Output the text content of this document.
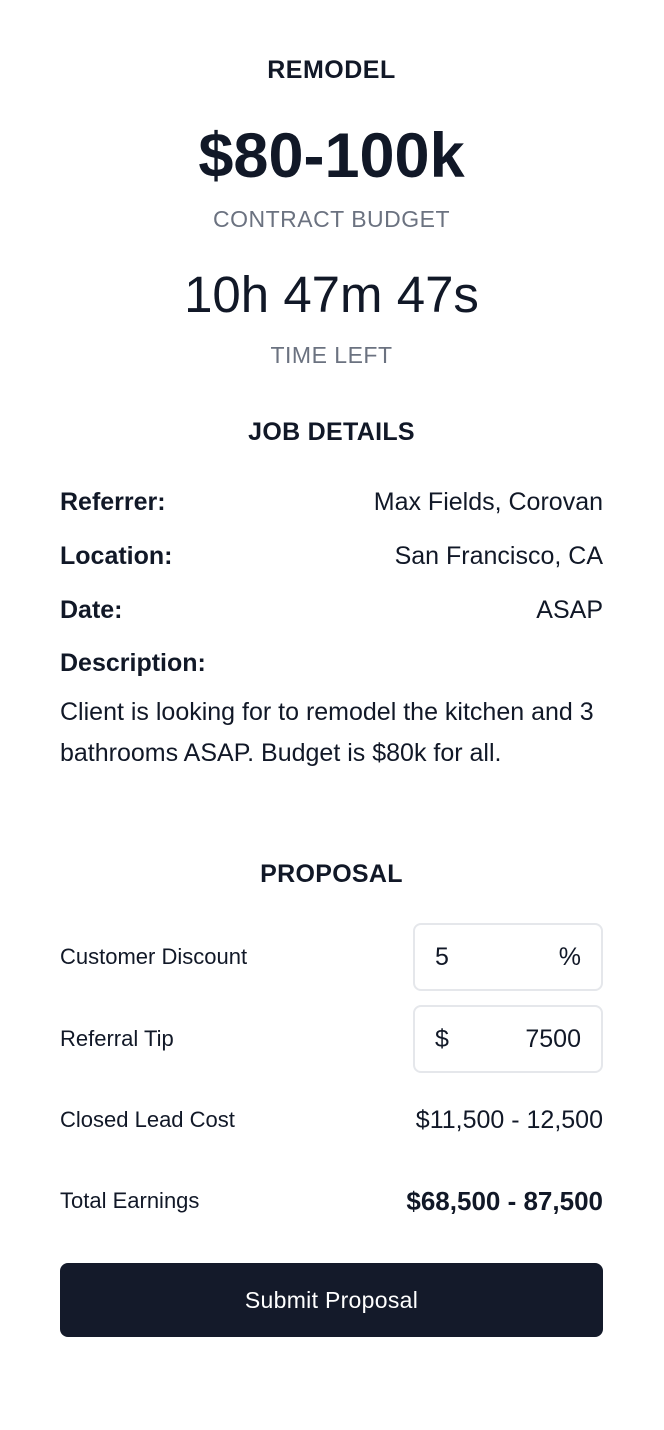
REMODEL
$80-100k
CONTRACT BUDGET
10h 47m 47s
TIME LEFT
JOB DETAILS
Referrer:	Max Fields, Corovan
Location:	San Francisco, CA
Date:	ASAP
Description:
Client is looking for to remodel the kitchen and 3 bathrooms ASAP. Budget is $80k for all.
PROPOSAL
Customer Discount	5	%
Referral Tip	$	7500
Closed Lead Cost	$11,500 - 12,500
Total Earnings	$68,500 - 87,500
Submit Proposal
